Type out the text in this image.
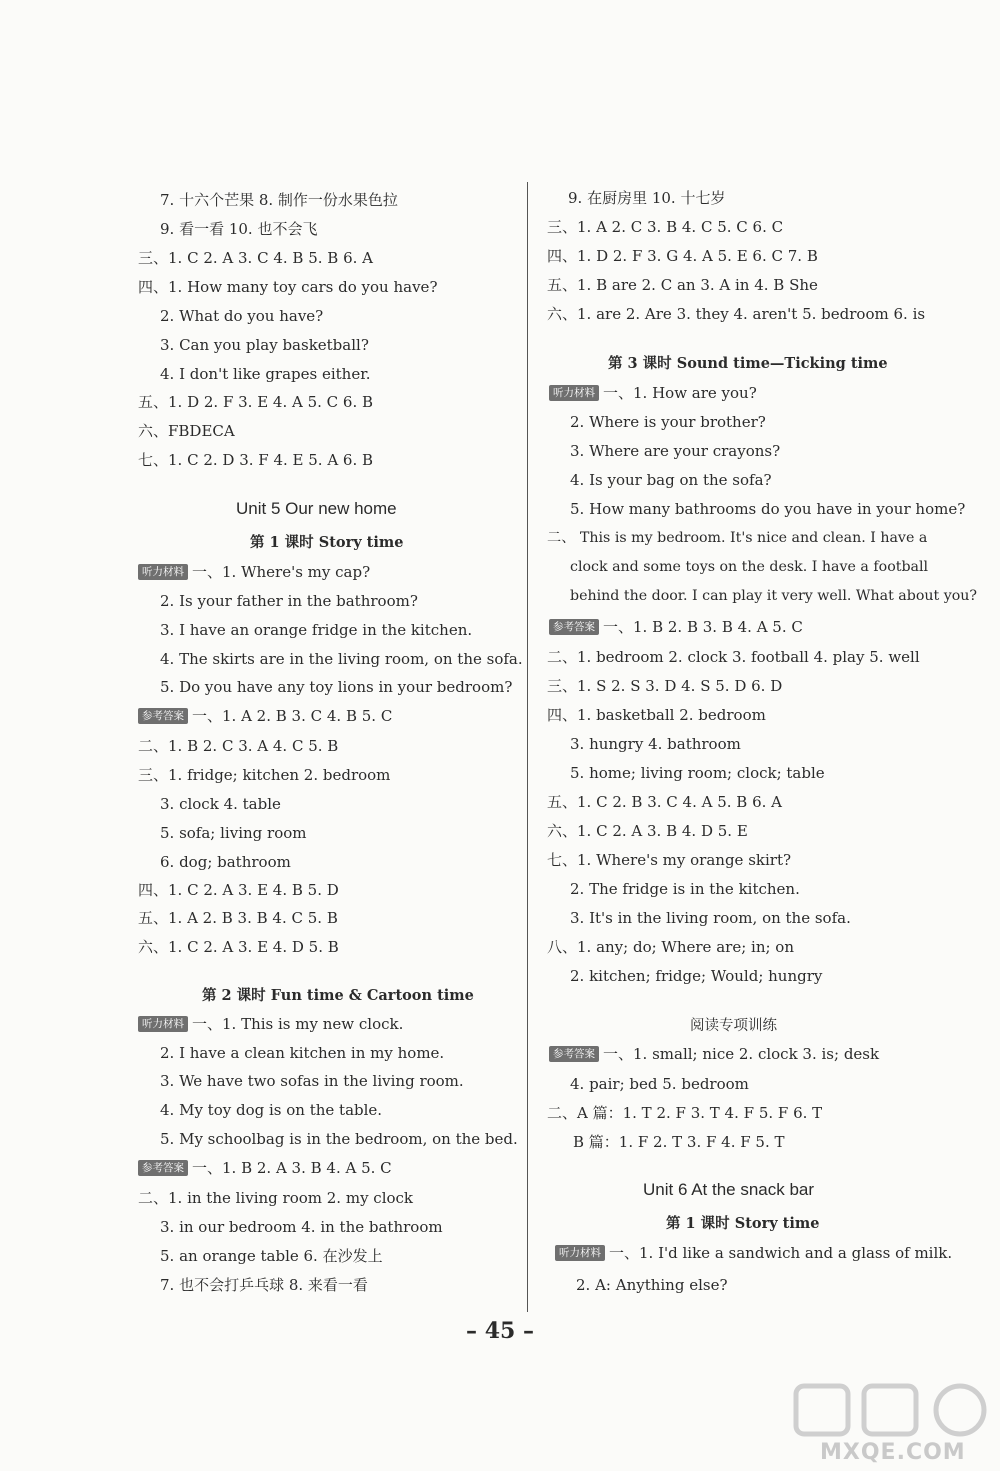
7. 十六个芒果 8. 制作一份水果色拉
9. 看一看 10. 也不会飞
三、1. C 2. A 3. C 4. B 5. B 6. A
四、1. How many toy cars do you have?
2. What do you have?
3. Can you play basketball?
4. I don't like grapes either.
五、1. D 2. F 3. E 4. A 5. C 6. B
六、FBDECA
七、1. C 2. D 3. F 4. E 5. A 6. B
Unit 5 Our new home
第 1 课时 Story time
听力材料 一、1. Where's my cap?
2. Is your father in the bathroom?
3. I have an orange fridge in the kitchen.
4. The skirts are in the living room, on the sofa.
5. Do you have any toy lions in your bedroom?
参考答案 一、1. A 2. B 3. C 4. B 5. C
二、1. B 2. C 3. A 4. C 5. B
三、1. fridge; kitchen 2. bedroom
3. clock 4. table
5. sofa; living room
6. dog; bathroom
四、1. C 2. A 3. E 4. B 5. D
五、1. A 2. B 3. B 4. C 5. B
六、1. C 2. A 3. E 4. D 5. B
第 2 课时 Fun time & Cartoon time
听力材料 一、1. This is my new clock.
2. I have a clean kitchen in my home.
3. We have two sofas in the living room.
4. My toy dog is on the table.
5. My schoolbag is in the bedroom, on the bed.
参考答案 一、1. B 2. A 3. B 4. A 5. C
二、1. in the living room 2. my clock
3. in our bedroom 4. in the bathroom
5. an orange table 6. 在沙发上
7. 也不会打乒乓球 8. 来看一看
9. 在厨房里 10. 十七岁
三、1. A 2. C 3. B 4. C 5. C 6. C
四、1. D 2. F 3. G 4. A 5. E 6. C 7. B
五、1. B are 2. C an 3. A in 4. B She
六、1. are 2. Are 3. they 4. aren't 5. bedroom 6. is
第 3 课时 Sound time—Ticking time
听力材料 一、1. How are you?
2. Where is your brother?
3. Where are your crayons?
4. Is your bag on the sofa?
5. How many bathrooms do you have in your home?
二、 This is my bedroom. It's nice and clean. I have a
clock and some toys on the desk. I have a football
behind the door. I can play it very well. What about you?
参考答案 一、1. B 2. B 3. B 4. A 5. C
二、1. bedroom 2. clock 3. football 4. play 5. well
三、1. S 2. S 3. D 4. S 5. D 6. D
四、1. basketball 2. bedroom
3. hungry 4. bathroom
5. home; living room; clock; table
五、1. C 2. B 3. C 4. A 5. B 6. A
六、1. C 2. A 3. B 4. D 5. E
七、1. Where's my orange skirt?
2. The fridge is in the kitchen.
3. It's in the living room, on the sofa.
八、1. any; do; Where are; in; on
2. kitchen; fridge; Would; hungry
阅读专项训练
参考答案 一、1. small; nice 2. clock 3. is; desk
4. pair; bed 5. bedroom
二、A 篇：1. T 2. F 3. T 4. F 5. F 6. T
B 篇：1. F 2. T 3. F 4. F 5. T
Unit 6 At the snack bar
第 1 课时 Story time
听力材料 一、1. I'd like a sandwich and a glass of milk.
2. A: Anything else?
– 45 –
MXQE.COM
